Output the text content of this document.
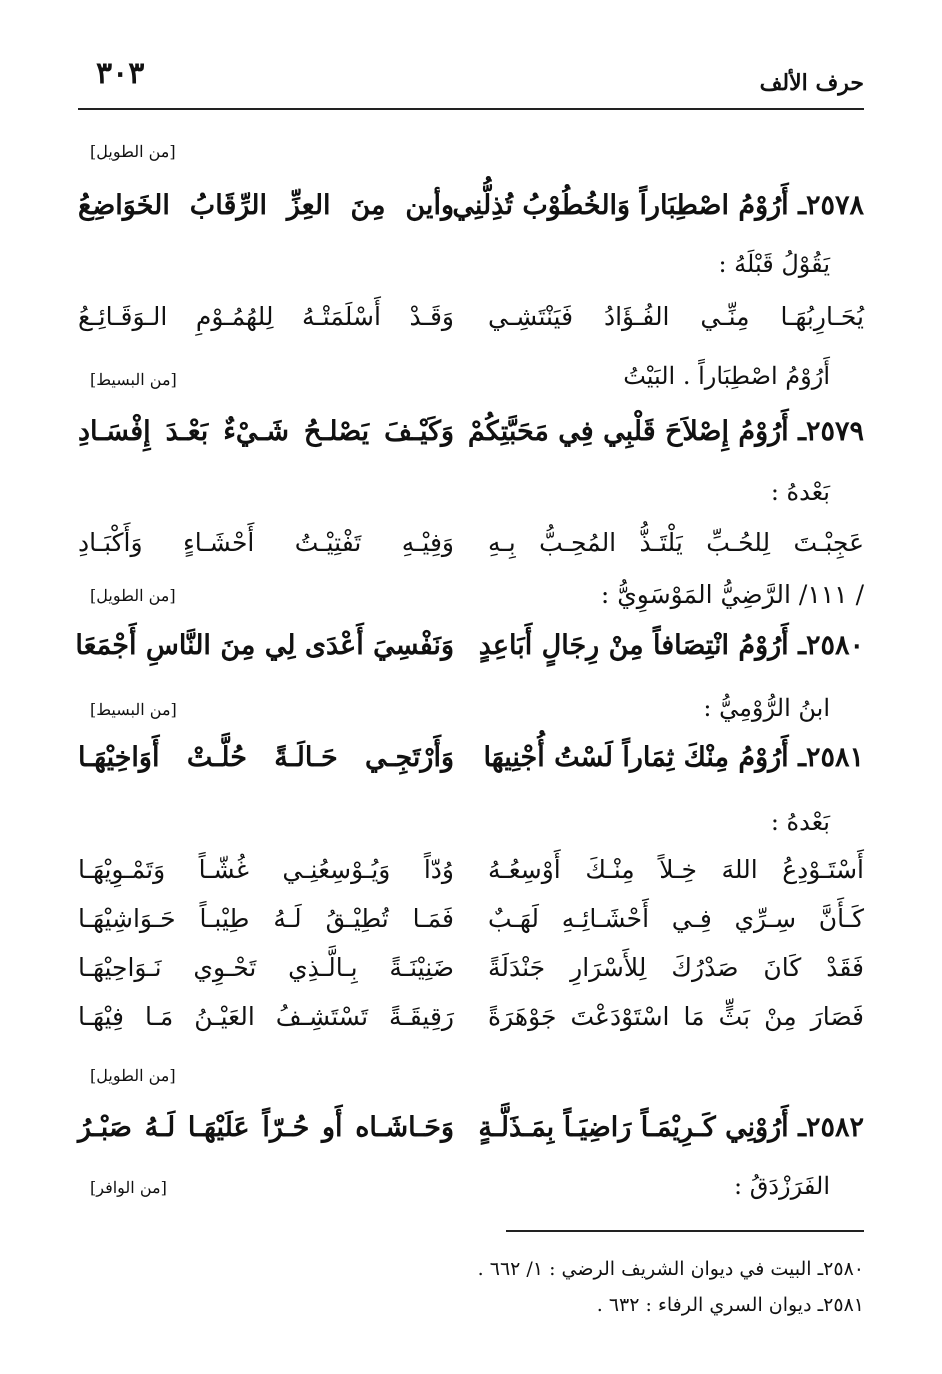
حرف الألف
٣٠٣
[من الطويل]
٢٥٧٨ـ أَرُوْمُ اصْطِبَاراً وَالخُطُوْبُ تُذِلُّنِي
وأين مِنَ العِزِّ الرِّقَابُ الخَوَاضِعُ
يَقُوْلُ قَبْلَهُ :
يُحَـارِبُهَـا مِنِّـي الفُـؤَادُ فَيَنْتَشِـي
وَقَـدْ أَسْلَمَتْـهُ لِلهُمُـوْمِ الـوَقَـائِـعُ
أَرُوْمُ اصْطِبَاراً . البَيْتُ
[من البسيط]
٢٥٧٩ـ أَرُوْمُ إِصْلاَحَ قَلْبِي فِي مَحَبَّتِكُمْ
وَكَيْـفَ يَصْلـحُ شَـيْءٌ بَعْـدَ إِفْسَـادِ
بَعْدهُ :
عَجِبْـتَ لِلحُـبِّ يَلْتَـذُّ المُحِـبُّ بِـهِ
وَفِيْـهِ تَفْتِيْـتُ أَحْشَـاءٍ وَأَكْبَـادِ
/ ١١١/ الرَّضِيُّ المَوْسَوِيُّ :
[من الطويل]
٢٥٨٠ـ أَرُوْمُ انْتِصَافاً مِنْ رِجَالٍ أَبَاعِدٍ
وَنَفْسِيَ أَعْدَى لِي مِنَ النَّاسِ أَجْمَعَا
ابنُ الرُّوْمِيُّ :
[من البسيط]
٢٥٨١ـ أَرُوْمُ مِنْكَ ثِمَاراً لَسْتُ أُجْنِيهَا
وَأَرْتَجِـي حَـالَـةً حُلَّـتْ أَوَاخِيْهَـا
بَعْدهُ :
أَسْتَـوْدِعُ اللهَ خِـلاً مِنْـكَ أَوْسِعُـهُ
وُدّاً وَيُـوْسِعُنِـي غُشّـاً وَتَمْـوِيْهَـا
كَـأَنَّ سِـرِّي فِـي أَحْشَـائِـهِ لَهَـبٌ
فَمَـا تُطِيْـقُ لَـهُ طِيْبـاً حَـوَاشِيْهَـا
فَقَدْ كَانَ صَدْرُكَ لِلأَسْرَارِ جَنْدَلَةً
ضَنِيْنَـةً بِـالَّـذِي تَحْـوِي نَـوَاحِيْهَـا
فَصَارَ مِنْ بَثٍّ مَا اسْتَوْدَعْتَ جَوْهَرَةً
رَقِيقَـةً تَسْتَشِـفُ العَيْـنُ مَـا فِيْهَـا
[من الطويل]
٢٥٨٢ـ أَرُوْنِي كَـرِيْمَـاً رَاضِيَـاً بِمَـذَلَّـةٍ
وَحَـاشَـاه أَو حُـرّاً عَلَيْهَـا لَـهُ صَبْـرُ
الفَرَزْدَقُ :
[من الوافر]
٢٥٨٠ـ البيت في ديوان الشريف الرضي : ١/ ٦٦٢ .
٢٥٨١ـ ديوان السري الرفاء : ٦٣٢ .
